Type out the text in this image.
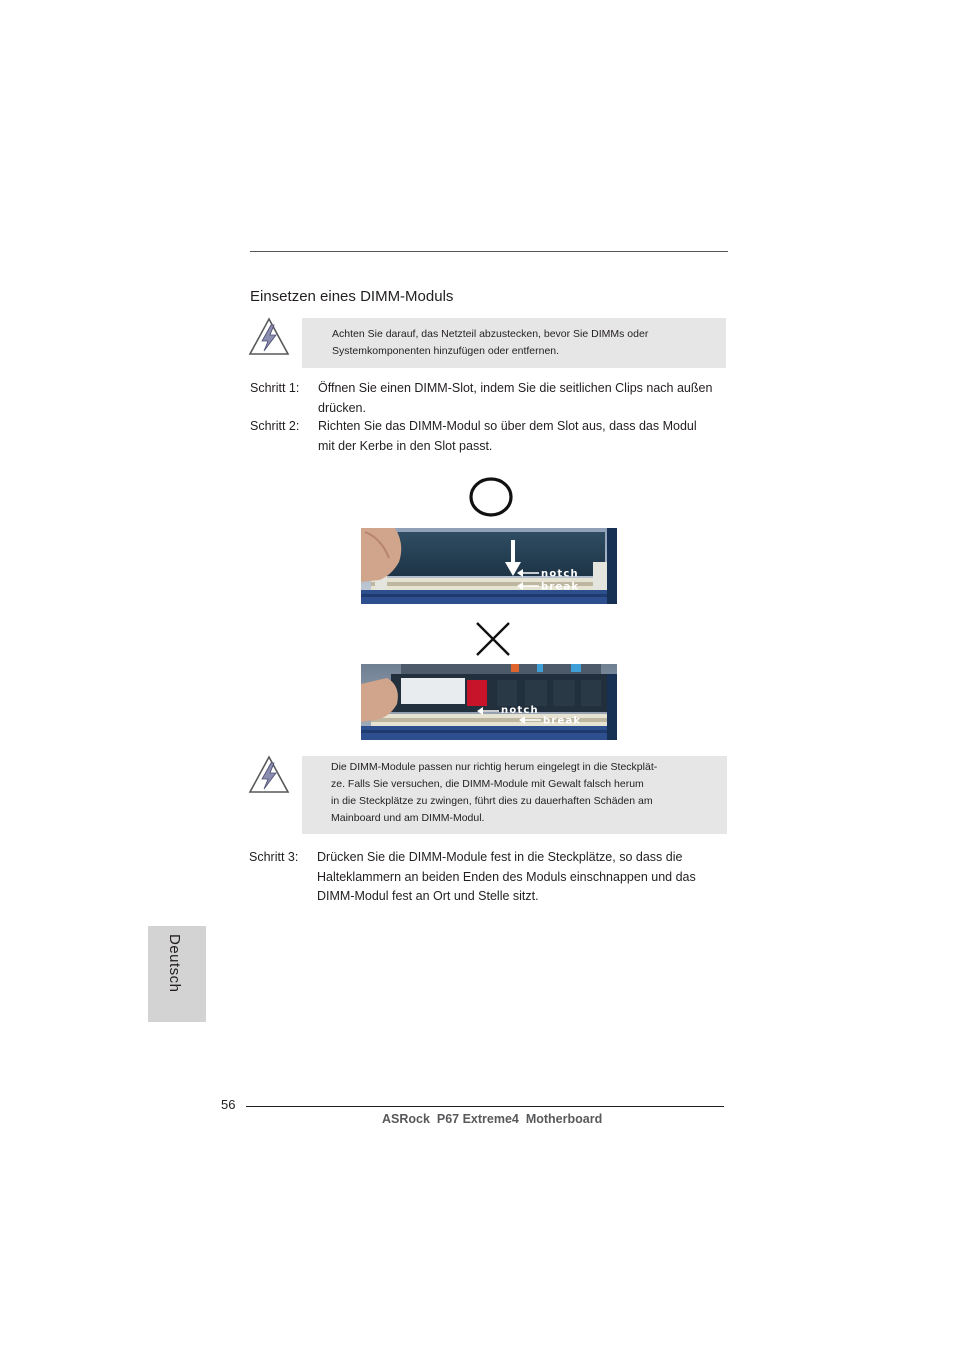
Einsetzen eines DIMM-Moduls
Achten Sie darauf, das Netzteil abzustecken, bevor Sie DIMMs oder
Systemkomponenten hinzufügen oder entfernen.
Schritt 1: Öffnen Sie einen DIMM-Slot, indem Sie die seitlichen Clips nach außen
drücken.
Schritt 2: Richten Sie das DIMM-Modul so über dem Slot aus, dass das Modul
mit der Kerbe in den Slot passt.
notch
break
notch
break
Die DIMM-Module passen nur richtig herum eingelegt in die Steckplät-
ze. Falls Sie versuchen, die DIMM-Module mit Gewalt falsch herum
in die Steckplätze zu zwingen, führt dies zu dauerhaften Schäden am
Mainboard und am DIMM-Modul.
Schritt 3: Drücken Sie die DIMM-Module fest in die Steckplätze, so dass die
Halteklammern an beiden Enden des Moduls einschnappen und das
DIMM-Modul fest an Ort und Stelle sitzt.
Deutsch
56
ASRock  P67 Extreme4  Motherboard
